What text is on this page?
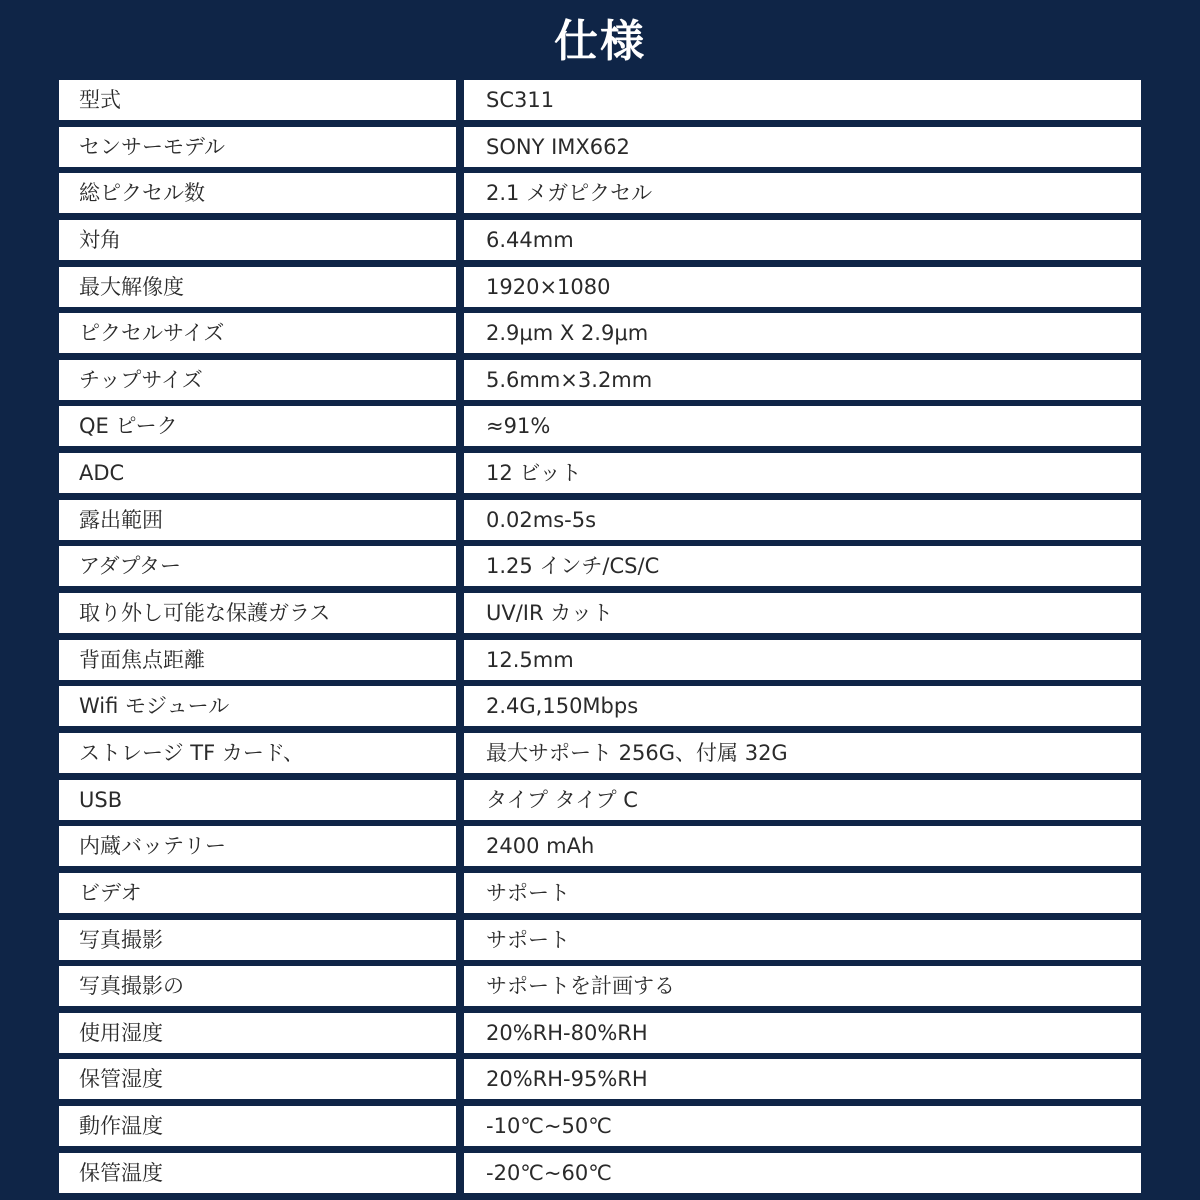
仕様
型式	SC311
センサーモデル	SONY IMX662
総ピクセル数	2.1 メガピクセル
対角	6.44mm
最大解像度	1920×1080
ピクセルサイズ	2.9μm X 2.9μm
チップサイズ	5.6mm×3.2mm
QE ピーク	≈91%
ADC	12 ビット
露出範囲	0.02ms-5s
アダプター	1.25 インチ/CS/C
取り外し可能な保護ガラス	UV/IR カット
背面焦点距離	12.5mm
Wifi モジュール	2.4G,150Mbps
ストレージ TF カード、	最大サポート 256G、付属 32G
USB	タイプ タイプ C
内蔵バッテリー	2400 mAh
ビデオ	サポート
写真撮影	サポート
写真撮影の	サポートを計画する
使用湿度	20%RH-80%RH
保管湿度	20%RH-95%RH
動作温度	-10℃~50℃
保管温度	-20℃~60℃
